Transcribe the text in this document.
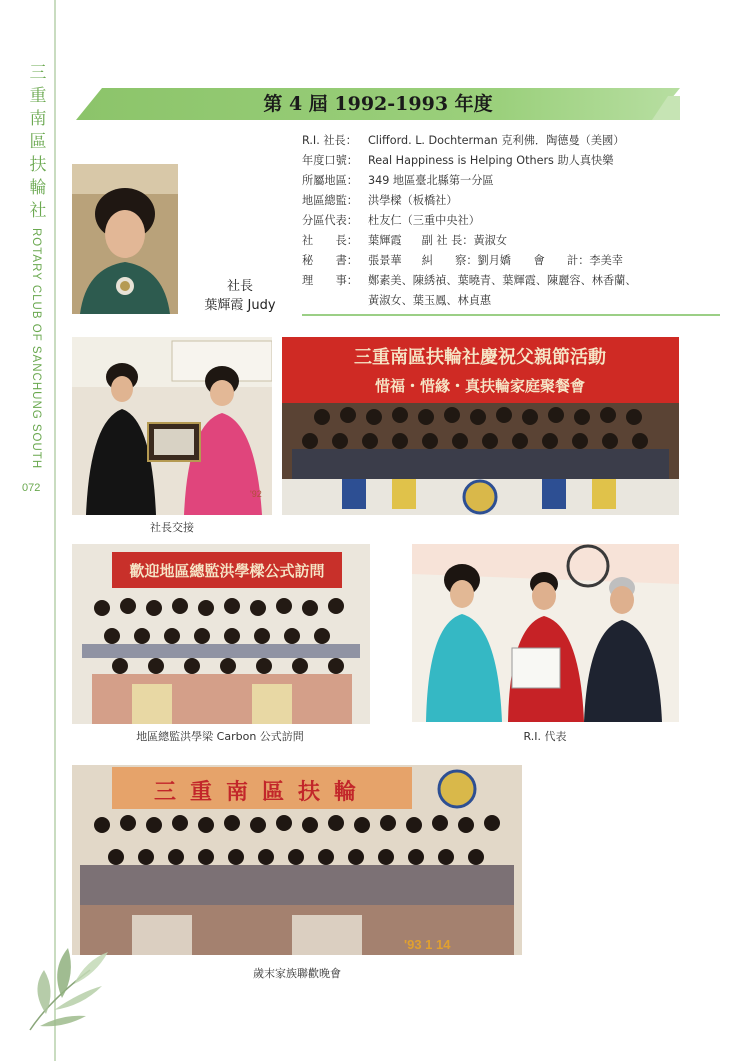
三
重
南
區
扶
輪
社
ROTARY CLUB OF SANCHUNG SOUTH
072
第 4 屆 1992-1993 年度
社長
葉輝霞 Judy
R.I. 社長： Clifford. L. Dochterman 克利佛．陶德曼（美國）
年度口號： Real Happiness is Helping Others 助人真快樂
所屬地區： 349 地區臺北縣第一分區
地區總監： 洪學樑（板橋社）
分區代表： 杜友仁（三重中央社）
社　　長： 葉輝霞 副 社 長：黃淑女
秘　　書： 張景華 糾　　察：劉月嬌　　會　　計：李美幸
理　　事： 鄭素美、陳綉禎、葉曉青、葉輝霞、陳麗容、林香蘭、
黃淑女、葉玉鳳、林貞惠
'92
社長交接
三重南區扶輪社慶祝父親節活動
惜福・惜緣・真扶輪家庭聚餐會
歡迎地區總監洪學樑公式訪問
地區總監洪學梁 Carbon 公式訪問	R.I. 代表
三重南區扶輪
'93 1 14
歲末家族聯歡晚會
